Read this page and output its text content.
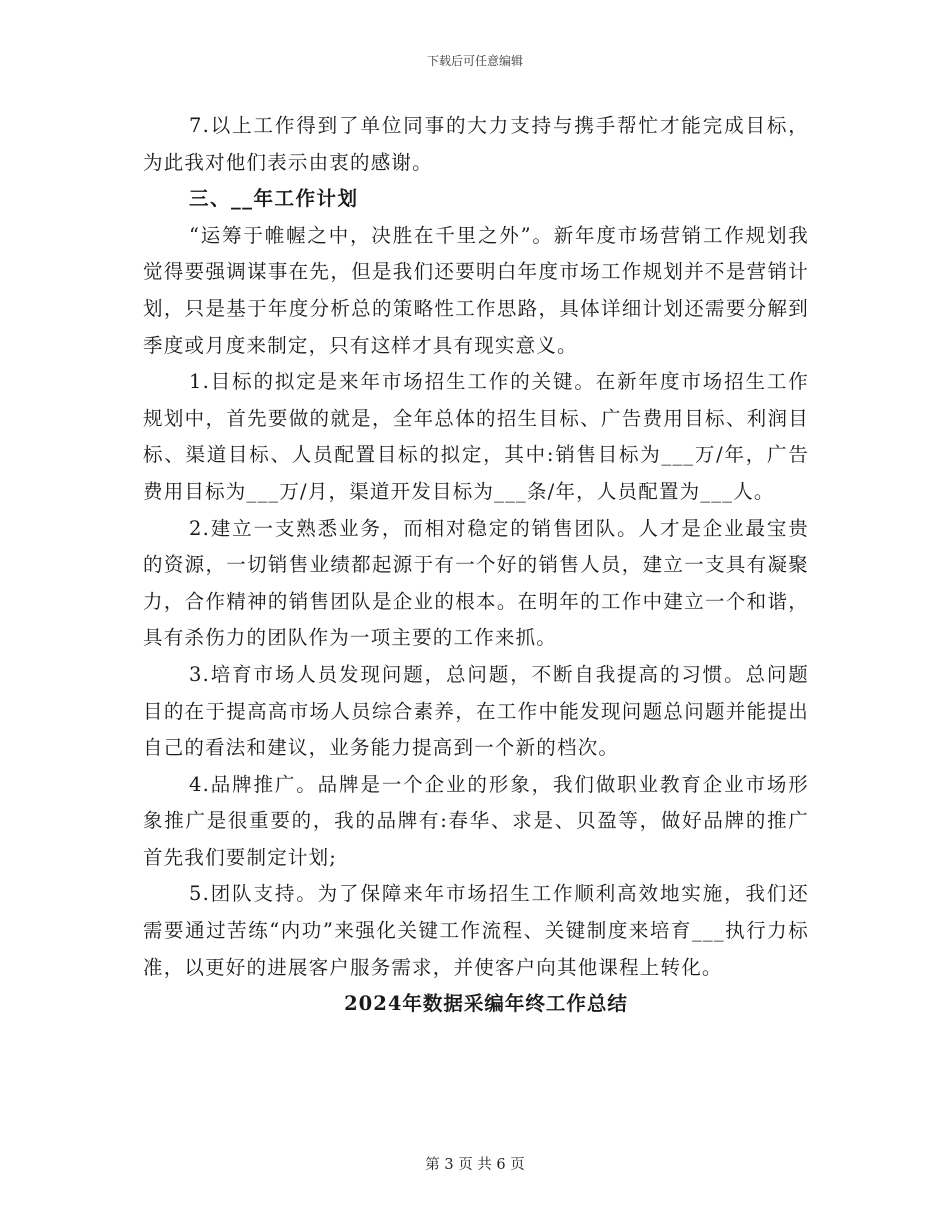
下载后可任意编辑

7.以上工作得到了单位同事的大力支持与携手帮忙才能完成目标，为此我对他们表示由衷的感谢。

三、__年工作计划

“运筹于帷幄之中，决胜在千里之外”。新年度市场营销工作规划我觉得要强调谋事在先，但是我们还要明白年度市场工作规划并不是营销计划，只是基于年度分析总的策略性工作思路，具体详细计划还需要分解到季度或月度来制定，只有这样才具有现实意义。

1.目标的拟定是来年市场招生工作的关键。在新年度市场招生工作规划中，首先要做的就是，全年总体的招生目标、广告费用目标、利润目标、渠道目标、人员配置目标的拟定，其中:销售目标为___万/年，广告费用目标为___万/月，渠道开发目标为___条/年，人员配置为___人。

2.建立一支熟悉业务，而相对稳定的销售团队。人才是企业最宝贵的资源，一切销售业绩都起源于有一个好的销售人员，建立一支具有凝聚力，合作精神的销售团队是企业的根本。在明年的工作中建立一个和谐，具有杀伤力的团队作为一项主要的工作来抓。

3.培育市场人员发现问题，总问题，不断自我提高的习惯。总问题目的在于提高高市场人员综合素养，在工作中能发现问题总问题并能提出自己的看法和建议，业务能力提高到一个新的档次。

4.品牌推广。品牌是一个企业的形象，我们做职业教育企业市场形象推广是很重要的，我的品牌有:春华、求是、贝盈等，做好品牌的推广首先我们要制定计划;

5.团队支持。为了保障来年市场招生工作顺利高效地实施，我们还需要通过苦练“内功”来强化关键工作流程、关键制度来培育___执行力标准，以更好的进展客户服务需求，并使客户向其他课程上转化。

2024年数据采编年终工作总结

第 3 页 共 6 页
